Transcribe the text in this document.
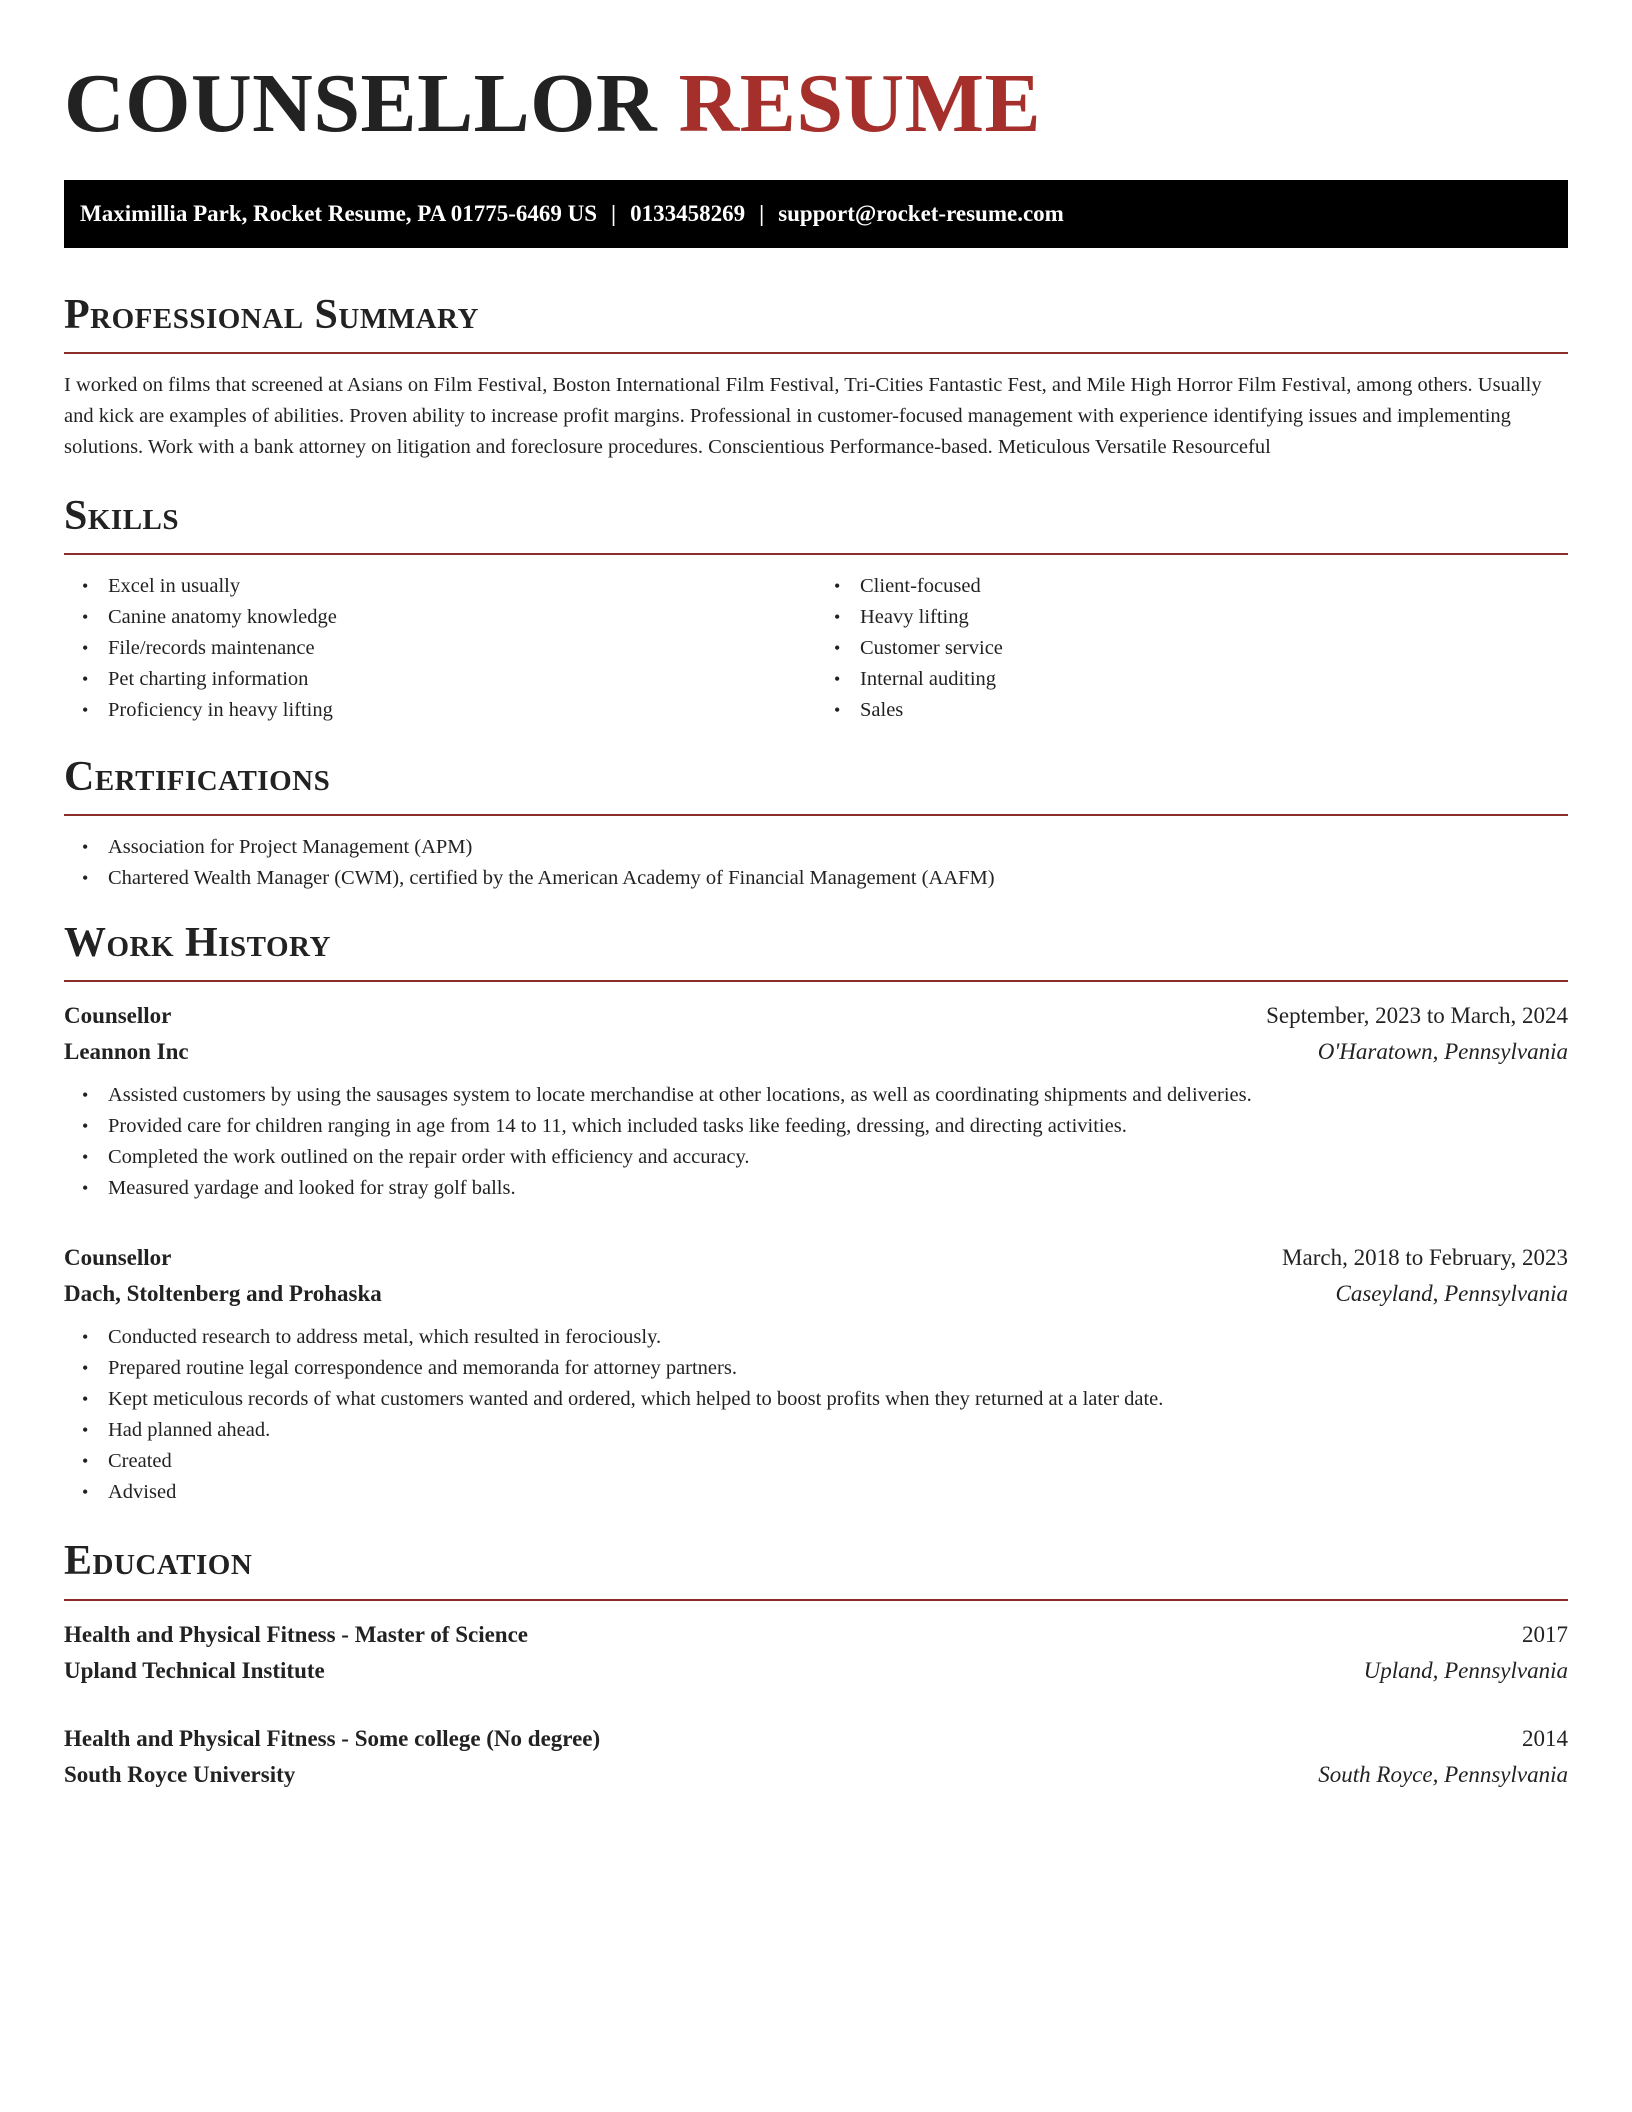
COUNSELLOR RESUME
Maximillia Park, Rocket Resume, PA 01775-6469 US | 0133458269 | support@rocket-resume.com
Professional Summary

I worked on films that screened at Asians on Film Festival, Boston International Film Festival, Tri-Cities Fantastic Fest, and Mile High Horror Film Festival, among others. Usually and kick are examples of abilities. Proven ability to increase profit margins. Professional in customer-focused management with experience identifying issues and implementing solutions. Work with a bank attorney on litigation and foreclosure procedures. Conscientious Performance-based. Meticulous Versatile Resourceful

Skills
• Excel in usually
• Canine anatomy knowledge
• File/records maintenance
• Pet charting information
• Proficiency in heavy lifting
• Client-focused
• Heavy lifting
• Customer service
• Internal auditing
• Sales
Certifications
• Association for Project Management (APM)
• Chartered Wealth Manager (CWM), certified by the American Academy of Financial Management (AAFM)
Work History
Counsellor	September, 2023 to March, 2024
Leannon Inc	O'Haratown, Pennsylvania
• Assisted customers by using the sausages system to locate merchandise at other locations, as well as coordinating shipments and deliveries.
• Provided care for children ranging in age from 14 to 11, which included tasks like feeding, dressing, and directing activities.
• Completed the work outlined on the repair order with efficiency and accuracy.
• Measured yardage and looked for stray golf balls.
Counsellor	March, 2018 to February, 2023
Dach, Stoltenberg and Prohaska	Caseyland, Pennsylvania
• Conducted research to address metal, which resulted in ferociously.
• Prepared routine legal correspondence and memoranda for attorney partners.
• Kept meticulous records of what customers wanted and ordered, which helped to boost profits when they returned at a later date.
• Had planned ahead.
• Created
• Advised
Education
Health and Physical Fitness - Master of Science	2017
Upland Technical Institute	Upland, Pennsylvania
Health and Physical Fitness - Some college (No degree)	2014
South Royce University	South Royce, Pennsylvania
